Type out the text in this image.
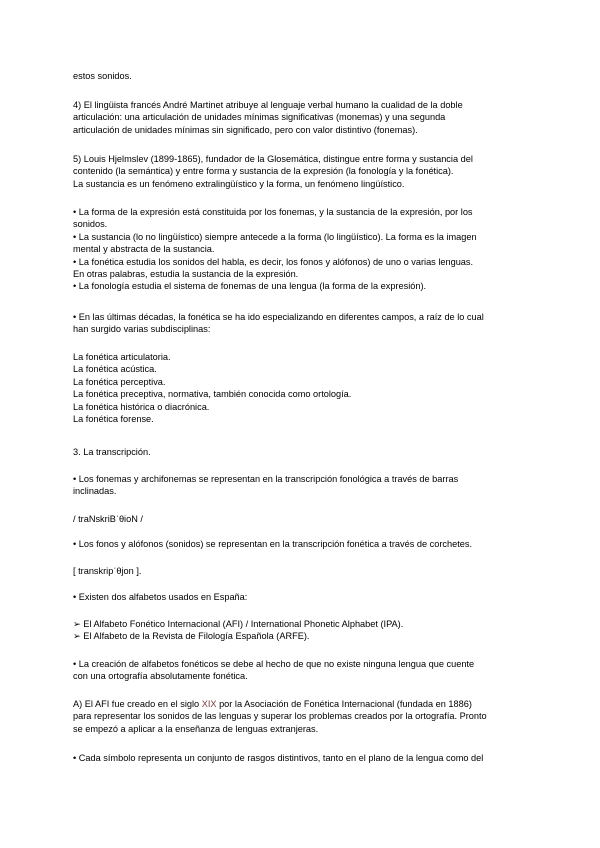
estos sonidos.
4) El lingüista francés André Martinet atribuye al lenguaje verbal humano la cualidad de la doble
articulación: una articulación de unidades mínimas significativas (monemas) y una segunda
articulación de unidades mínimas sin significado, pero con valor distintivo (fonemas).
5) Louis Hjelmslev (1899-1865), fundador de la Glosemática, distingue entre forma y sustancia del
contenido (la semántica) y entre forma y sustancia de la expresión (la fonología y la fonética).
La sustancia es un fenómeno extralingüístico y la forma, un fenómeno lingüístico.
• La forma de la expresión está constituida por los fonemas, y la sustancia de la expresión, por los
sonidos.
• La sustancia (lo no lingüístico) siempre antecede a la forma (lo lingüístico). La forma es la imagen
mental y abstracta de la sustancia.
• La fonética estudia los sonidos del habla, es decir, los fonos y alófonos) de uno o varias lenguas.
En otras palabras, estudia la sustancia de la expresión.
• La fonología estudia el sistema de fonemas de una lengua (la forma de la expresión).
• En las últimas décadas, la fonética se ha ido especializando en diferentes campos, a raíz de lo cual
han surgido varias subdisciplinas:
La fonética articulatoria.
La fonética acústica.
La fonética perceptiva.
La fonética preceptiva, normativa, también conocida como ortología.
La fonética histórica o diacrónica.
La fonética forense.
3. La transcripción.
• Los fonemas y archifonemas se representan en la transcripción fonológica a través de barras
inclinadas.
/ traNskriBˈθioN /
• Los fonos y alófonos (sonidos) se representan en la transcripción fonética a través de corchetes.
[ transkripˈθjon ].
• Existen dos alfabetos usados en España:
➢ El Alfabeto Fonético Internacional (AFI) / International Phonetic Alphabet (IPA).
➢ El Alfabeto de la Revista de Filología Española (ARFE).
• La creación de alfabetos fonéticos se debe al hecho de que no existe ninguna lengua que cuente
con una ortografía absolutamente fonética.
A) El AFI fue creado en el siglo XIX por la Asociación de Fonética Internacional (fundada en 1886)
para representar los sonidos de las lenguas y superar los problemas creados por la ortografía. Pronto
se empezó a aplicar a la enseñanza de lenguas extranjeras.
• Cada símbolo representa un conjunto de rasgos distintivos, tanto en el plano de la lengua como del
